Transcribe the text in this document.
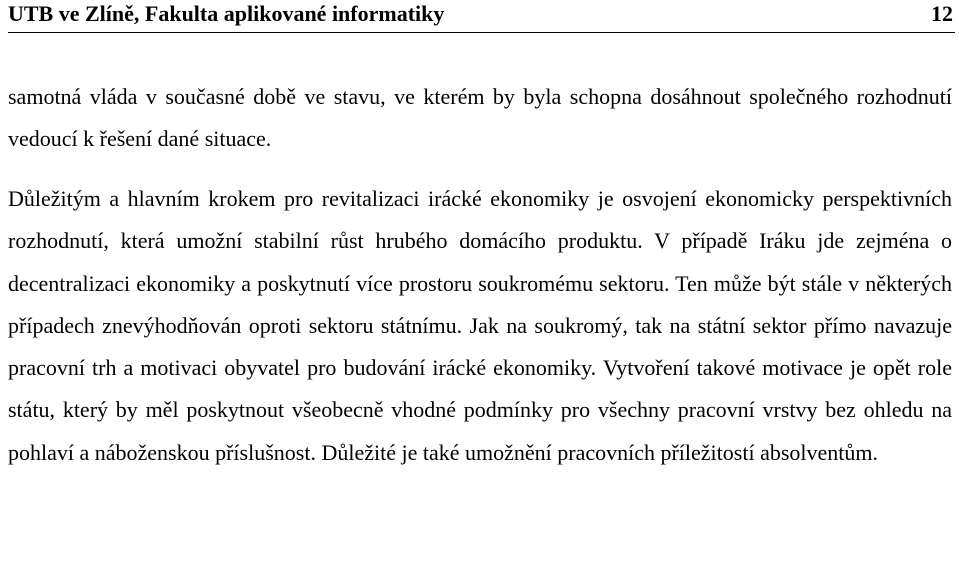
UTB ve Zlíně, Fakulta aplikované informatiky	12

samotná vláda v současné době ve stavu, ve kterém by byla schopna dosáhnout společného rozhodnutí vedoucí k řešení dané situace.

Důležitým a hlavním krokem pro revitalizaci irácké ekonomiky je osvojení ekonomicky perspektivních rozhodnutí, která umožní stabilní růst hrubého domácího produktu. V případě Iráku jde zejména o decentralizaci ekonomiky a poskytnutí více prostoru soukromému sektoru. Ten může být stále v některých případech znevýhodňován oproti sektoru státnímu. Jak na soukromý, tak na státní sektor přímo navazuje pracovní trh a motivaci obyvatel pro budování irácké ekonomiky. Vytvoření takové motivace je opět role státu, který by měl poskytnout všeobecně vhodné podmínky pro všechny pracovní vrstvy bez ohledu na pohlaví a náboženskou příslušnost. Důležité je také umožnění pracovních příležitostí absolventům.
